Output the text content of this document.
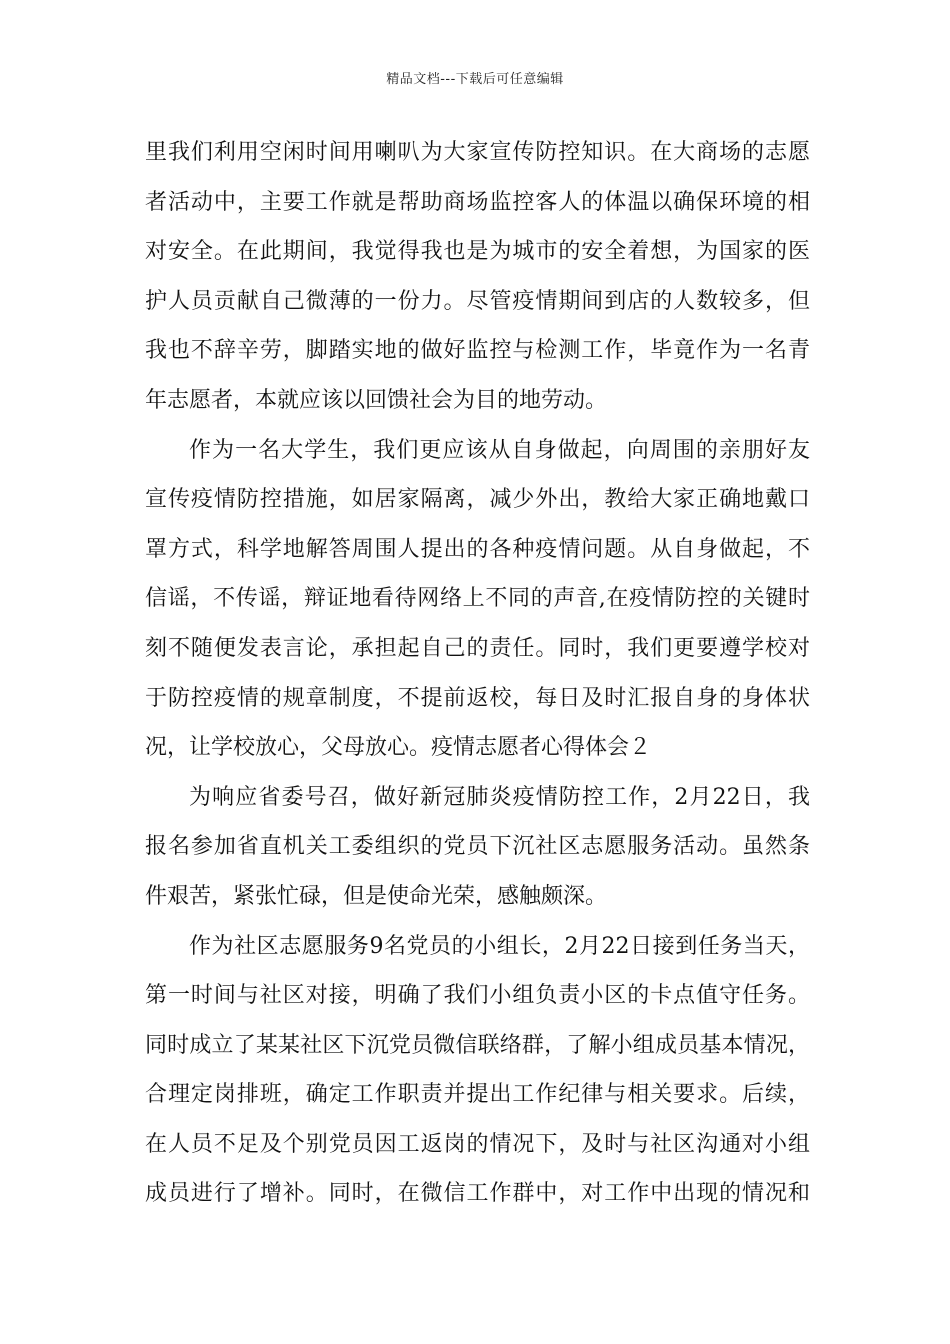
精品文档---下载后可任意编辑
里我们利用空闲时间用喇叭为大家宣传防控知识。在大商场的志愿
者活动中，主要工作就是帮助商场监控客人的体温以确保环境的相
对安全。在此期间，我觉得我也是为城市的安全着想，为国家的医
护人员贡献自己微薄的一份力。尽管疫情期间到店的人数较多，但
我也不辞辛劳，脚踏实地的做好监控与检测工作，毕竟作为一名青
年志愿者，本就应该以回馈社会为目的地劳动。
作为一名大学生，我们更应该从自身做起，向周围的亲朋好友
宣传疫情防控措施，如居家隔离，减少外出，教给大家正确地戴口
罩方式，科学地解答周围人提出的各种疫情问题。从自身做起，不
信谣，不传谣，辩证地看待网络上不同的声音,在疫情防控的关键时
刻不随便发表言论，承担起自己的责任。同时，我们更要遵学校对
于防控疫情的规章制度，不提前返校，每日及时汇报自身的身体状
况，让学校放心，父母放心。疫情志愿者心得体会２
为响应省委号召，做好新冠肺炎疫情防控工作，2月22日，我
报名参加省直机关工委组织的党员下沉社区志愿服务活动。虽然条
件艰苦，紧张忙碌，但是使命光荣，感触颇深。
作为社区志愿服务9名党员的小组长，2月22日接到任务当天，
第一时间与社区对接，明确了我们小组负责小区的卡点值守任务。
同时成立了某某社区下沉党员微信联络群，了解小组成员基本情况，
合理定岗排班，确定工作职责并提出工作纪律与相关要求。后续，
在人员不足及个别党员因工返岗的情况下，及时与社区沟通对小组
成员进行了增补。同时，在微信工作群中，对工作中出现的情况和
